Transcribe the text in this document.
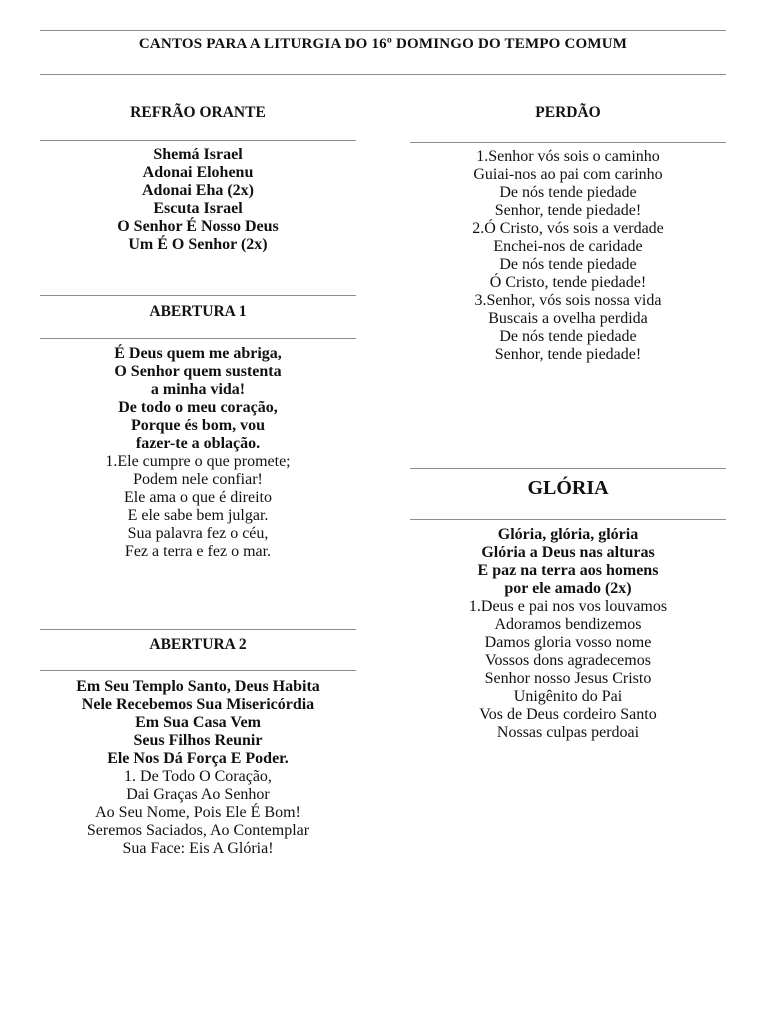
CANTOS PARA A LITURGIA DO 16º DOMINGO DO TEMPO COMUM
REFRÃO ORANTE
Shemá Israel
Adonai Elohenu
Adonai Eha (2x)
Escuta Israel
O Senhor É Nosso Deus
Um É O Senhor (2x)
ABERTURA 1
É Deus quem me abriga,
O Senhor quem sustenta
a minha vida!
De todo o meu coração,
Porque és bom, vou
fazer-te a oblação.
1.Ele cumpre o que promete;
Podem nele confiar!
Ele ama o que é direito
E ele sabe bem julgar.
Sua palavra fez o céu,
Fez a terra e fez o mar.
ABERTURA 2
Em Seu Templo Santo, Deus Habita
Nele Recebemos Sua Misericórdia
Em Sua Casa Vem
Seus Filhos Reunir
Ele Nos Dá Força E Poder.
1. De Todo O Coração,
Dai Graças Ao Senhor
Ao Seu Nome, Pois Ele É Bom!
Seremos Saciados, Ao Contemplar
Sua Face: Eis A Glória!
PERDÃO
1.Senhor vós sois o caminho
Guiai-nos ao pai com carinho
De nós tende piedade
Senhor, tende piedade!
2.Ó Cristo, vós sois a verdade
Enchei-nos de caridade
De nós tende piedade
Ó Cristo, tende piedade!
3.Senhor, vós sois nossa vida
Buscais a ovelha perdida
De nós tende piedade
Senhor, tende piedade!
GLÓRIA
Glória, glória, glória
Glória a Deus nas alturas
E paz na terra aos homens
por ele amado (2x)
1.Deus e pai nos vos louvamos
Adoramos bendizemos
Damos gloria vosso nome
Vossos dons agradecemos
Senhor nosso Jesus Cristo
Unigênito do Pai
Vos de Deus cordeiro Santo
Nossas culpas perdoai
